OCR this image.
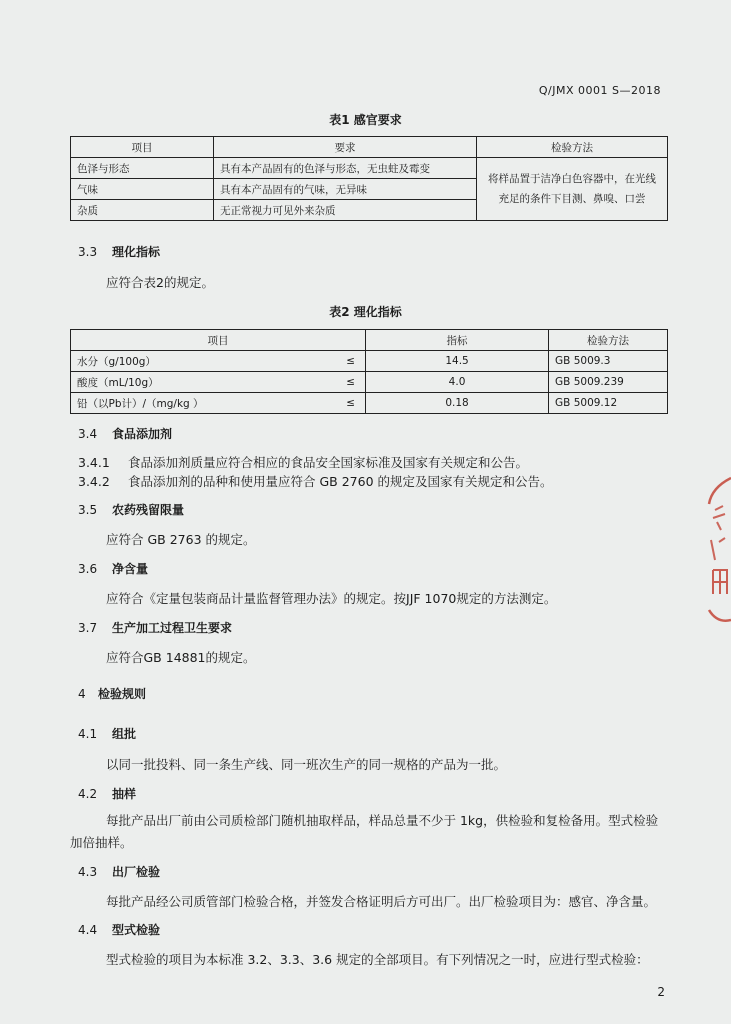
Q/JMX 0001 S—2018
表1 感官要求
项目	要求	检验方法
色泽与形态	具有本产品固有的色泽与形态，无虫蛀及霉变	将样品置于洁净白色容器中，在光线充足的条件下目测、鼻嗅、口尝
气味	具有本产品固有的气味，无异味	
杂质	无正常视力可见外来杂质	
3.3 理化指标
应符合表2的规定。
表2 理化指标
项目		指标	检验方法
水分（g/100g）	≤	14.5	GB 5009.3
酸度（mL/10g）	≤	4.0	GB 5009.239
铅（以Pb计）/（mg/kg ）	≤	0.18	GB 5009.12
3.4 食品添加剂
3.4.1 食品添加剂质量应符合相应的食品安全国家标准及国家有关规定和公告。
3.4.2 食品添加剂的品种和使用量应符合 GB 2760 的规定及国家有关规定和公告。
3.5 农药残留限量
应符合 GB 2763 的规定。
3.6 净含量
应符合《定量包装商品计量监督管理办法》的规定。按JJF 1070规定的方法测定。
3.7 生产加工过程卫生要求
应符合GB 14881的规定。
4 检验规则
4.1 组批
以同一批投料、同一条生产线、同一班次生产的同一规格的产品为一批。
4.2 抽样
每批产品出厂前由公司质检部门随机抽取样品，样品总量不少于 1kg，供检验和复检备用。型式检验加倍抽样。
4.3 出厂检验
每批产品经公司质管部门检验合格，并签发合格证明后方可出厂。出厂检验项目为：感官、净含量。
4.4 型式检验
型式检验的项目为本标准 3.2、3.3、3.6 规定的全部项目。有下列情况之一时，应进行型式检验：
2
